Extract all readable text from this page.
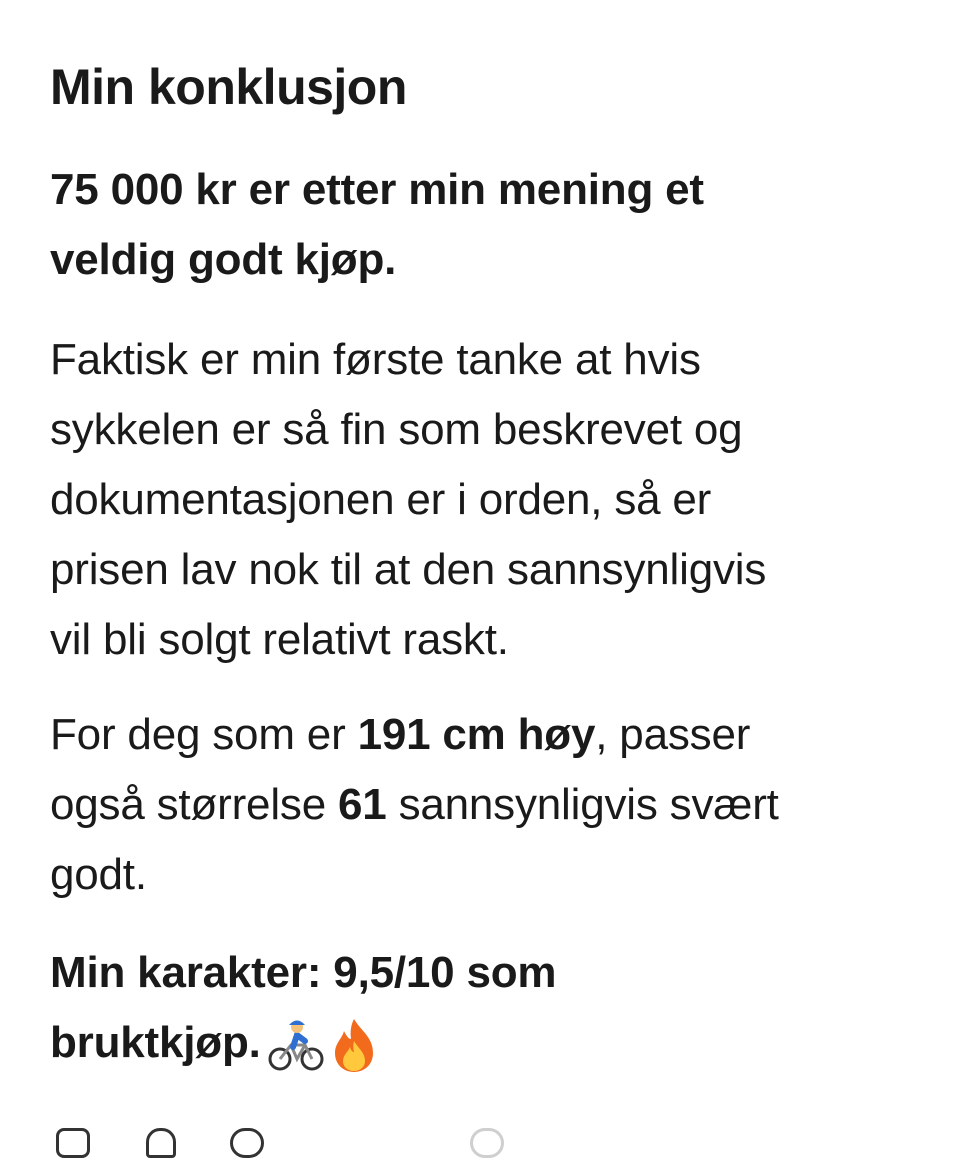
Min konklusjon

75 000 kr er etter min mening et
veldig godt kjøp.

Faktisk er min første tanke at hvis
sykkelen er så fin som beskrevet og
dokumentasjonen er i orden, så er
prisen lav nok til at den sannsynligvis
vil bli solgt relativt raskt.

For deg som er 191 cm høy, passer
også størrelse 61 sannsynligvis svært
godt.

Min karakter: 9,5/10 som
bruktkjøp.
